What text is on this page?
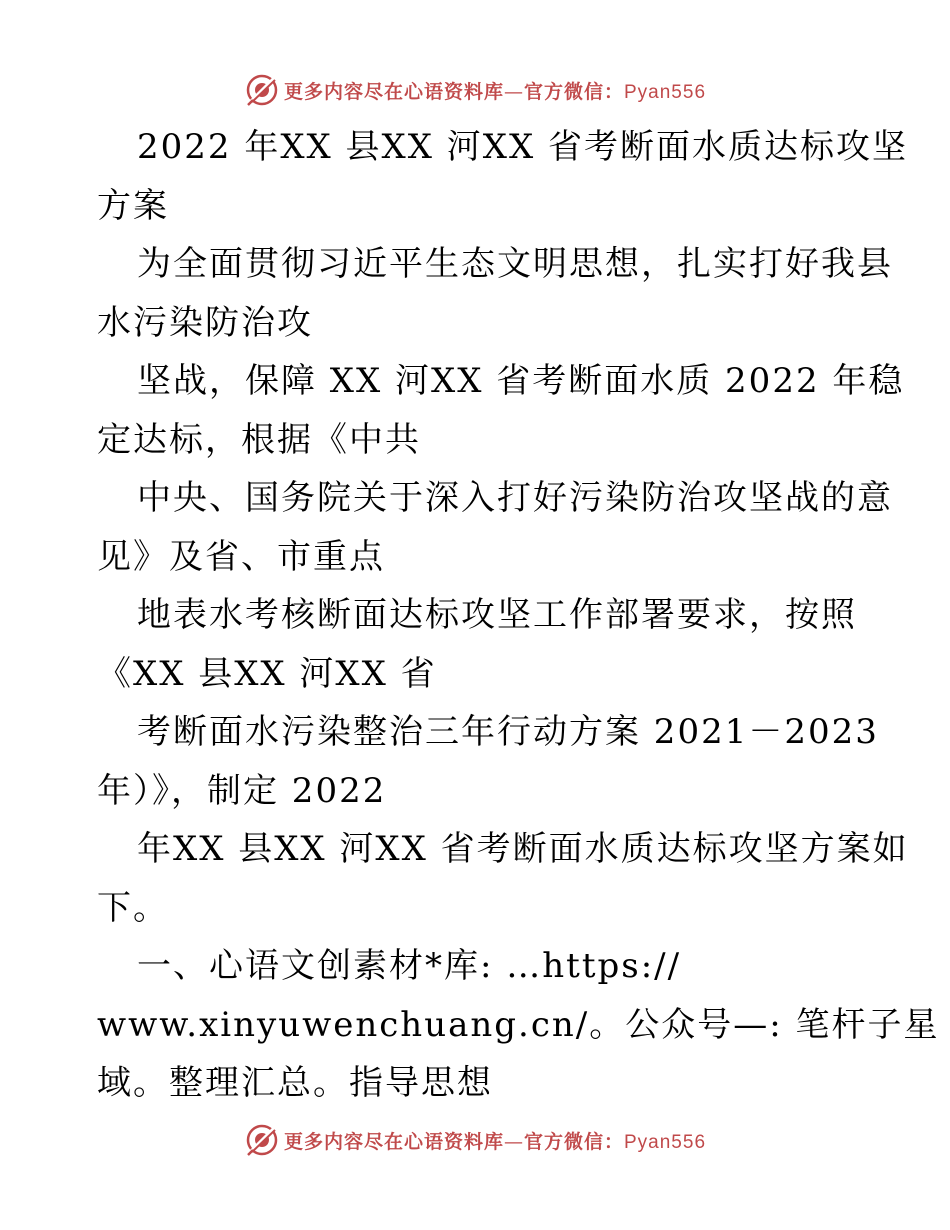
更多内容尽在心语资料库—官方微信：Pyan556
2022 年XX 县XX 河XX 省考断面水质达标攻坚
方案
为全面贯彻习近平生态文明思想，扎实打好我县
水污染防治攻
坚战，保障 XX 河XX 省考断面水质 2022 年稳
定达标，根据《中共
中央、国务院关于深入打好污染防治攻坚战的意
见》及省、市重点
地表水考核断面达标攻坚工作部署要求，按照
《XX 县XX 河XX 省
考断面水污染整治三年行动方案 2021－2023
年）》，制定 2022
年XX 县XX 河XX 省考断面水质达标攻坚方案如
下。
一、心语文创素材*库: …https://
www.xinyuwenchuang.cn/。公众号—: 笔杆子星
域。整理汇总。指导思想
更多内容尽在心语资料库—官方微信：Pyan556
